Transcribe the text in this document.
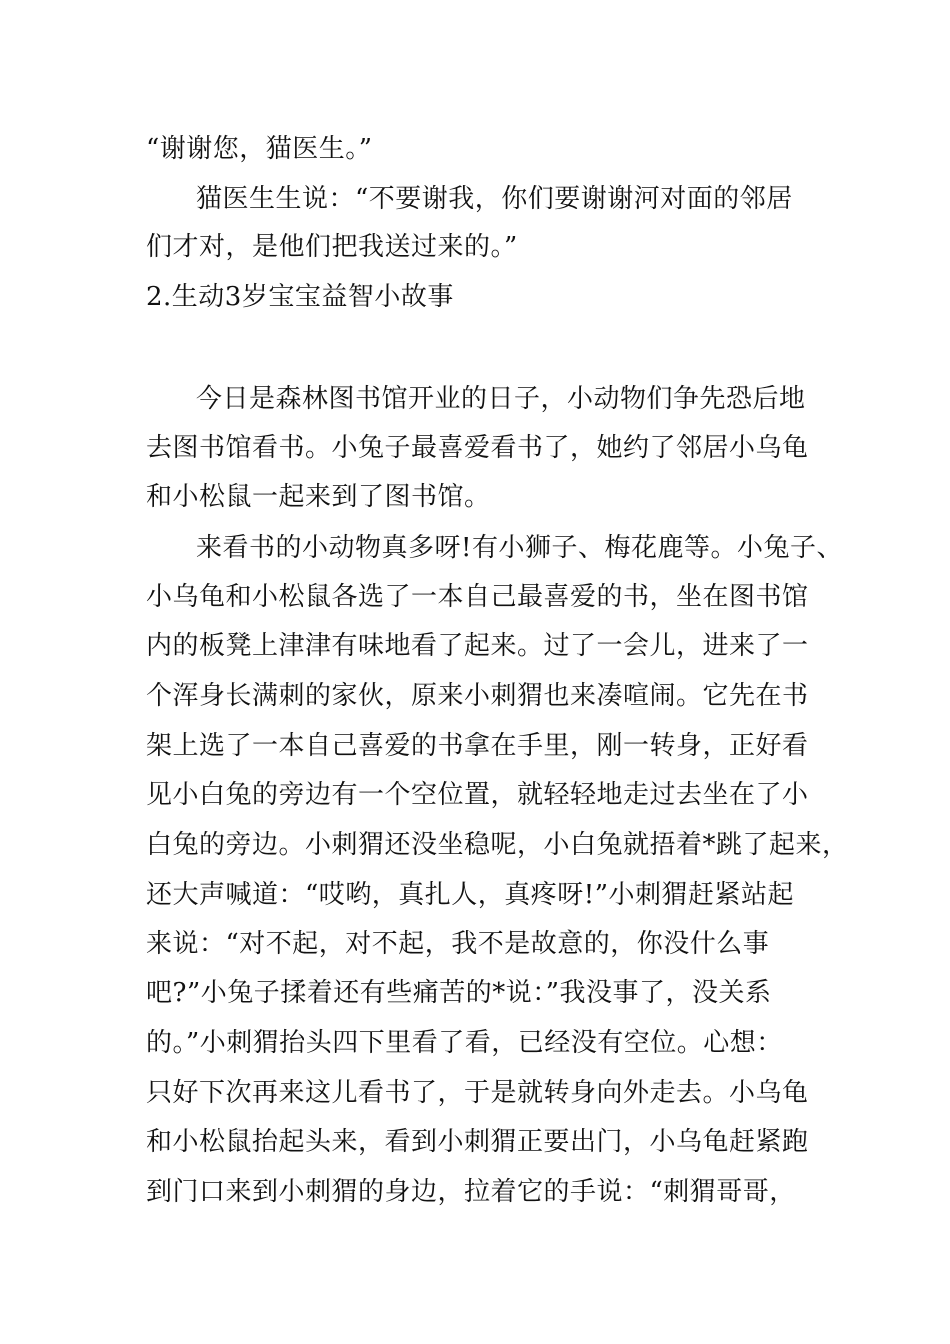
“谢谢您，猫医生。”
猫医生生说：“不要谢我，你们要谢谢河对面的邻居
们才对，是他们把我送过来的。”
2.生动3岁宝宝益智小故事
今日是森林图书馆开业的日子，小动物们争先恐后地
去图书馆看书。小兔子最喜爱看书了，她约了邻居小乌龟
和小松鼠一起来到了图书馆。
来看书的小动物真多呀!有小狮子、梅花鹿等。小兔子、
小乌龟和小松鼠各选了一本自己最喜爱的书，坐在图书馆
内的板凳上津津有味地看了起来。过了一会儿，进来了一
个浑身长满刺的家伙，原来小刺猬也来凑喧闹。它先在书
架上选了一本自己喜爱的书拿在手里，刚一转身，正好看
见小白兔的旁边有一个空位置，就轻轻地走过去坐在了小
白兔的旁边。小刺猬还没坐稳呢，小白兔就捂着*跳了起来，
还大声喊道：“哎哟，真扎人，真疼呀!”小刺猬赶紧站起
来说：“对不起，对不起，我不是故意的，你没什么事
吧?”小兔子揉着还有些痛苦的*说：”我没事了，没关系
的。”小刺猬抬头四下里看了看，已经没有空位。心想：
只好下次再来这儿看书了，于是就转身向外走去。小乌龟
和小松鼠抬起头来，看到小刺猬正要出门，小乌龟赶紧跑
到门口来到小刺猬的身边，拉着它的手说：“刺猬哥哥，
